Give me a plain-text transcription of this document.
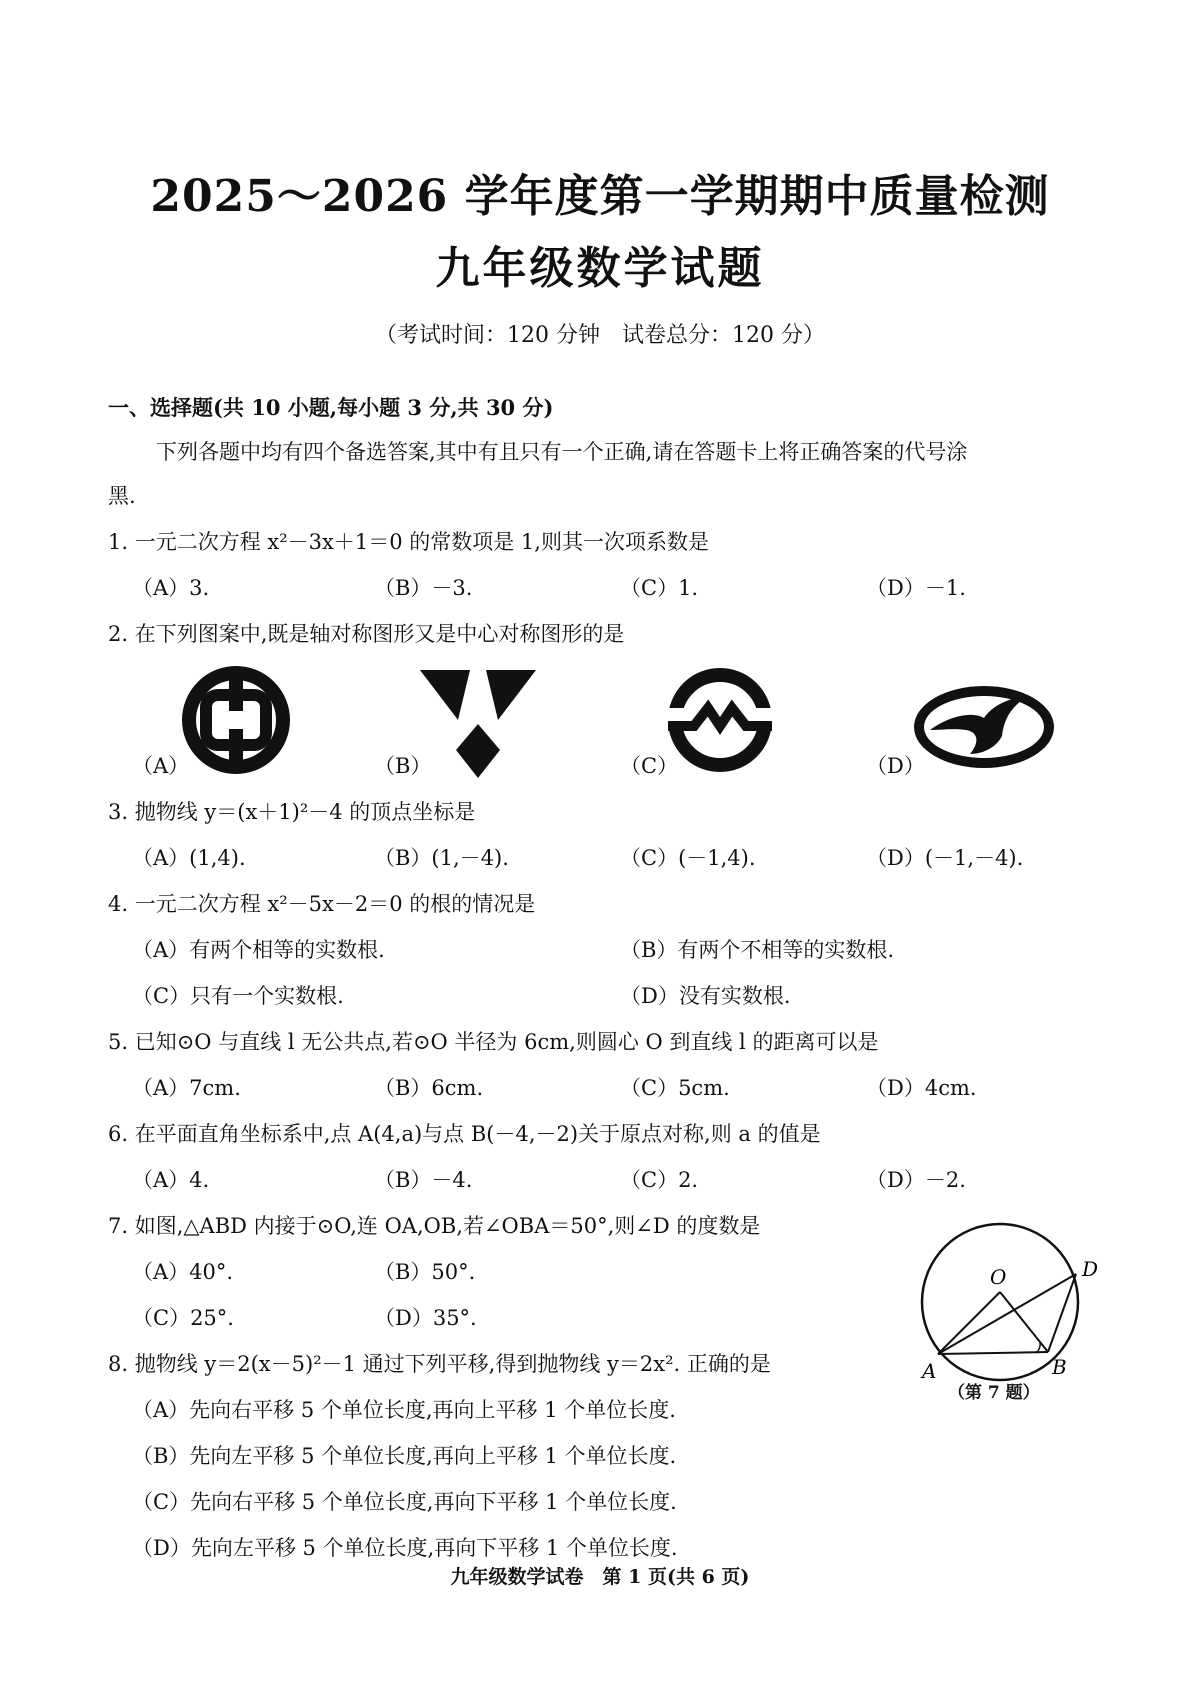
2025～2026 学年度第一学期期中质量检测
九年级数学试题
（考试时间：120 分钟　试卷总分：120 分）
一、选择题(共 10 小题,每小题 3 分,共 30 分)
下列各题中均有四个备选答案,其中有且只有一个正确,请在答题卡上将正确答案的代号涂
黑.
1. 一元二次方程 x²－3x＋1＝0 的常数项是 1,则其一次项系数是
（A）3.	（B）－3.	（C）1.	（D）－1.
2. 在下列图案中,既是轴对称图形又是中心对称图形的是
（A）	（B）	（C）	（D）
3. 抛物线 y＝(x＋1)²－4 的顶点坐标是
（A）(1,4).	（B）(1,－4).	（C）(－1,4).	（D）(－1,－4).
4. 一元二次方程 x²－5x－2＝0 的根的情况是
（A）有两个相等的实数根.	（B）有两个不相等的实数根.
（C）只有一个实数根.	（D）没有实数根.
5. 已知⊙O 与直线 l 无公共点,若⊙O 半径为 6cm,则圆心 O 到直线 l 的距离可以是
（A）7cm.	（B）6cm.	（C）5cm.	（D）4cm.
6. 在平面直角坐标系中,点 A(4,a)与点 B(－4,－2)关于原点对称,则 a 的值是
（A）4.	（B）－4.	（C）2.	（D）－2.
7. 如图,△ABD 内接于⊙O,连 OA,OB,若∠OBA＝50°,则∠D 的度数是
（A）40°.	（B）50°.
（C）25°.	（D）35°.
O
A	B
D
（第 7 题）
8. 抛物线 y＝2(x－5)²－1 通过下列平移,得到抛物线 y＝2x². 正确的是
（A）先向右平移 5 个单位长度,再向上平移 1 个单位长度.
（B）先向左平移 5 个单位长度,再向上平移 1 个单位长度.
（C）先向右平移 5 个单位长度,再向下平移 1 个单位长度.
（D）先向左平移 5 个单位长度,再向下平移 1 个单位长度.
九年级数学试卷　第 1 页(共 6 页)
